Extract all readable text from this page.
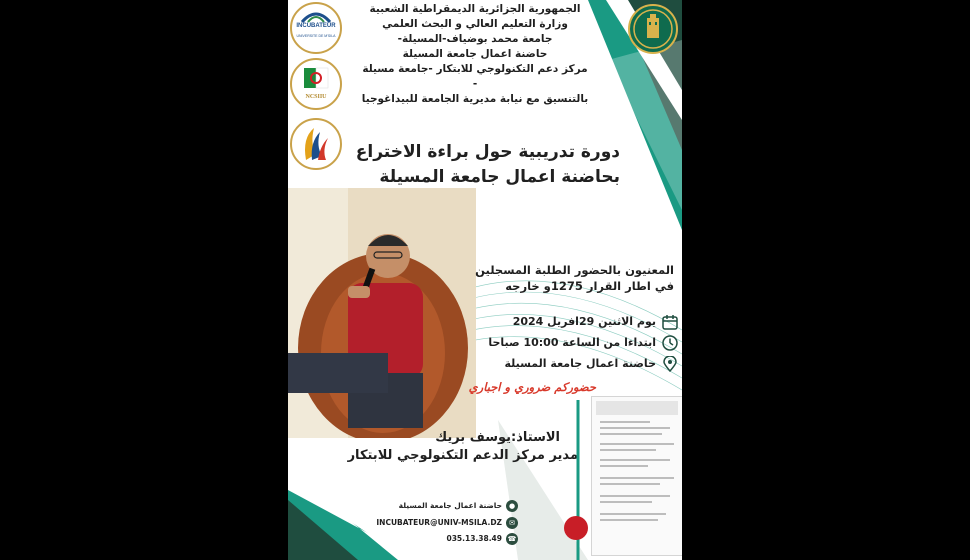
INCUBATEUR
UNIVERSITE DE M'SILA
NCSIIU
الجمهورية الجزائرية الديمقراطية الشعبية
وزارة التعليم العالي و البحث العلمي
جامعة محمد بوضياف-المسيلة-
حاضنة اعمال جامعة المسيلة
مركز دعم التكنولوجي للابتكار -جامعة مسيلة -
بالتنسيق مع نيابة مديرية الجامعة للبيداغوجيا
دورة تدريبية حول براءة الاختراع
بحاضنة اعمال جامعة المسيلة
المعنيون بالحضور الطلبة المسجلين
في اطار القرار 1275و خارجه
يوم الاثنين 29افريل 2024
ابتداءا من الساعة 10:00 صباحا
حاضنة اعمال جامعة المسيلة
حضوركم ضروري و اجباري
الاستاذ:يوسف بريك
مدير مركز الدعم التكنولوجي للابتكار
●
حاضنة اعمال جامعة المسيلة
✉
INCUBATEUR@UNIV-MSILA.DZ
☎
035.13.38.49
